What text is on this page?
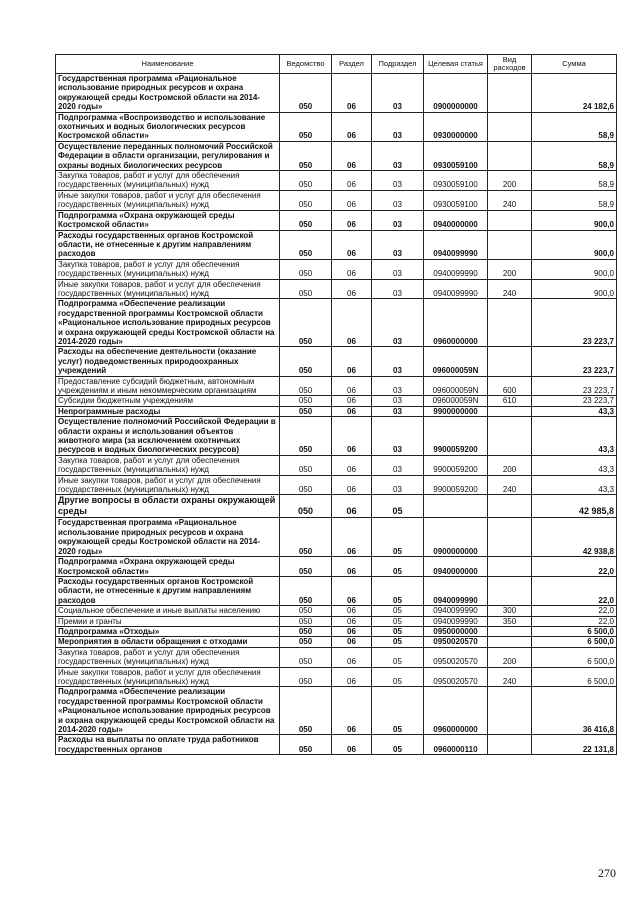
Наименование	Ведомство	Раздел	Подраздел	Целевая статья	Вид расходов	Сумма
Государственная программа «Рациональное использование природных ресурсов и охрана окружающей среды Костромской области на 2014-2020 годы»	050	06	03	0900000000		24 182,6
Подпрограмма «Воспроизводство и использование охотничьих и водных биологических ресурсов Костромской области»	050	06	03	0930000000		58,9
Осуществление переданных полномочий Российской Федерации в области организации, регулирования и охраны водных биологических ресурсов	050	06	03	0930059100		58,9
Закупка товаров, работ и услуг для обеспечения государственных (муниципальных) нужд	050	06	03	0930059100	200	58,9
Иные закупки товаров, работ и услуг для обеспечения государственных (муниципальных) нужд	050	06	03	0930059100	240	58,9
Подпрограмма «Охрана окружающей среды Костромской области»	050	06	03	0940000000		900,0
Расходы государственных органов Костромской области, не отнесенные к другим направлениям расходов	050	06	03	0940099990		900,0
Закупка товаров, работ и услуг для обеспечения государственных (муниципальных) нужд	050	06	03	0940099990	200	900,0
Иные закупки товаров, работ и услуг для обеспечения государственных (муниципальных) нужд	050	06	03	0940099990	240	900,0
Подпрограмма «Обеспечение реализации государственной программы Костромской области «Рациональное использование природных ресурсов и охрана окружающей среды Костромской области на 2014-2020 годы»	050	06	03	0960000000		23 223,7
Расходы на обеспечение деятельности (оказание услуг) подведомственных природоохранных учреждений	050	06	03	096000059N		23 223,7
Предоставление субсидий бюджетным, автономным учреждениям и иным некоммерческим организациям	050	06	03	096000059N	600	23 223,7
Субсидии бюджетным учреждениям	050	06	03	096000059N	610	23 223,7
Непрограммные расходы	050	06	03	9900000000		43,3
Осуществление полномочий Российской Федерации в области охраны и использования объектов животного мира (за исключением охотничьих ресурсов и водных биологических ресурсов)	050	06	03	9900059200		43,3
Закупка товаров, работ и услуг для обеспечения государственных (муниципальных) нужд	050	06	03	9900059200	200	43,3
Иные закупки товаров, работ и услуг для обеспечения государственных (муниципальных) нужд	050	06	03	9900059200	240	43,3
Другие вопросы в области охраны окружающей среды	050	06	05			42 985,8
Государственная программа «Рациональное использование природных ресурсов и охрана окружающей среды Костромской области на 2014-2020 годы»	050	06	05	0900000000		42 938,8
Подпрограмма «Охрана окружающей среды Костромской области»	050	06	05	0940000000		22,0
Расходы государственных органов Костромской области, не отнесенные к другим направлениям расходов	050	06	05	0940099990		22,0
Социальное обеспечение и иные выплаты населению	050	06	05	0940099990	300	22,0
Премии и гранты	050	06	05	0940099990	350	22,0
Подпрограмма «Отходы»	050	06	05	0950000000		6 500,0
Мероприятия в области обращения с отходами	050	06	05	0950020570		6 500,0
Закупка товаров, работ и услуг для обеспечения государственных (муниципальных) нужд	050	06	05	0950020570	200	6 500,0
Иные закупки товаров, работ и услуг для обеспечения государственных (муниципальных) нужд	050	06	05	0950020570	240	6 500,0
Подпрограмма «Обеспечение реализации государственной программы Костромской области «Рациональное использование природных ресурсов и охрана окружающей среды Костромской области на 2014-2020 годы»	050	06	05	0960000000		36 416,8
Расходы на выплаты по оплате труда работников государственных органов	050	06	05	0960000110		22 131,8
270
